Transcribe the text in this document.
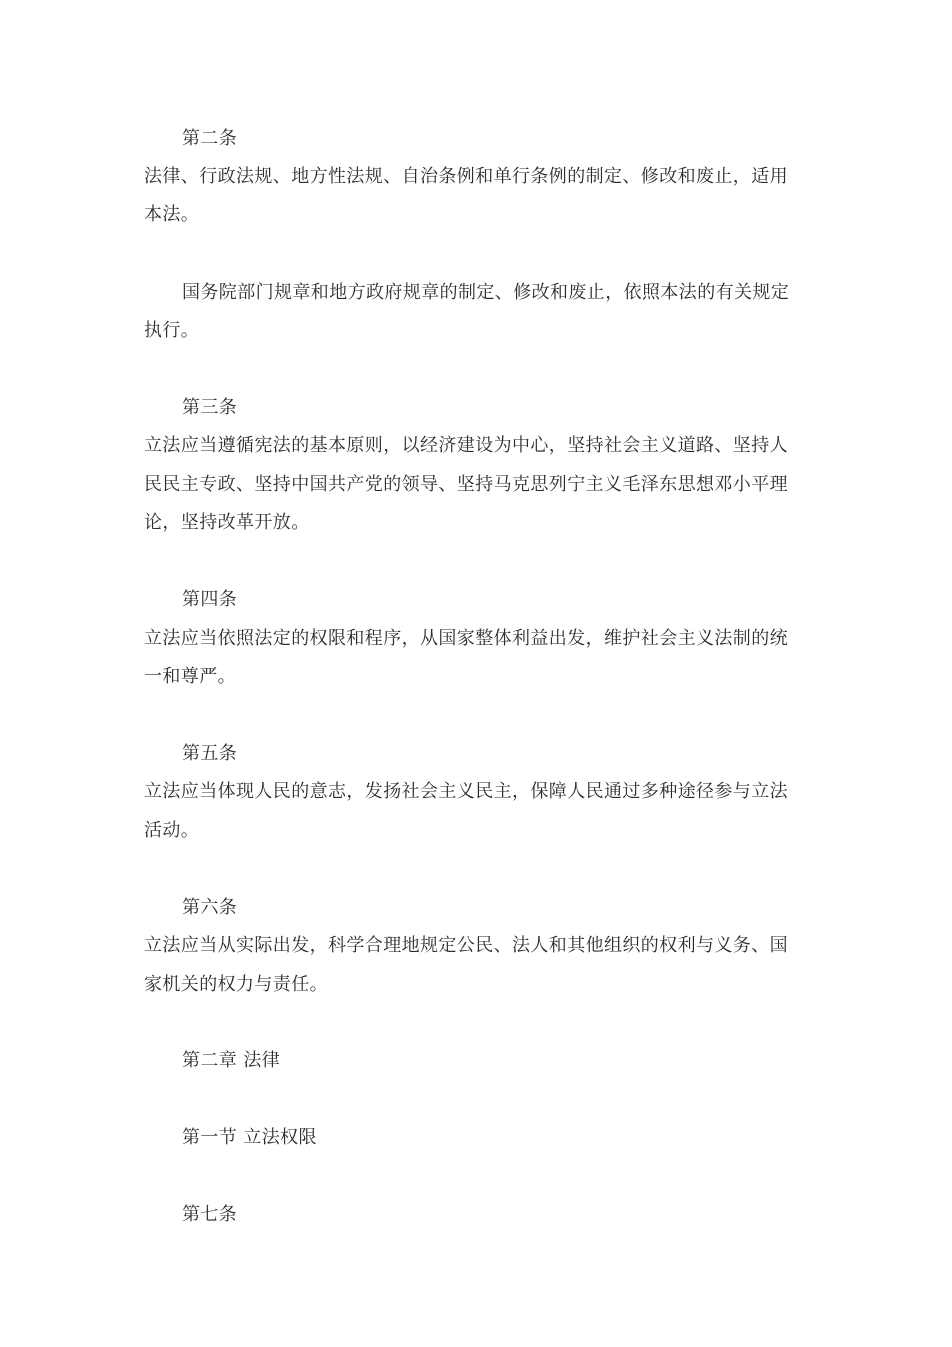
第二条
法律、行政法规、地方性法规、自治条例和单行条例的制定、修改和废止，适用
本法。
国务院部门规章和地方政府规章的制定、修改和废止，依照本法的有关规定
执行。
第三条
立法应当遵循宪法的基本原则，以经济建设为中心，坚持社会主义道路、坚持人
民民主专政、坚持中国共产党的领导、坚持马克思列宁主义毛泽东思想邓小平理
论，坚持改革开放。
第四条
立法应当依照法定的权限和程序，从国家整体利益出发，维护社会主义法制的统
一和尊严。
第五条
立法应当体现人民的意志，发扬社会主义民主，保障人民通过多种途径参与立法
活动。
第六条
立法应当从实际出发，科学合理地规定公民、法人和其他组织的权利与义务、国
家机关的权力与责任。
第二章 法律
第一节 立法权限
第七条
